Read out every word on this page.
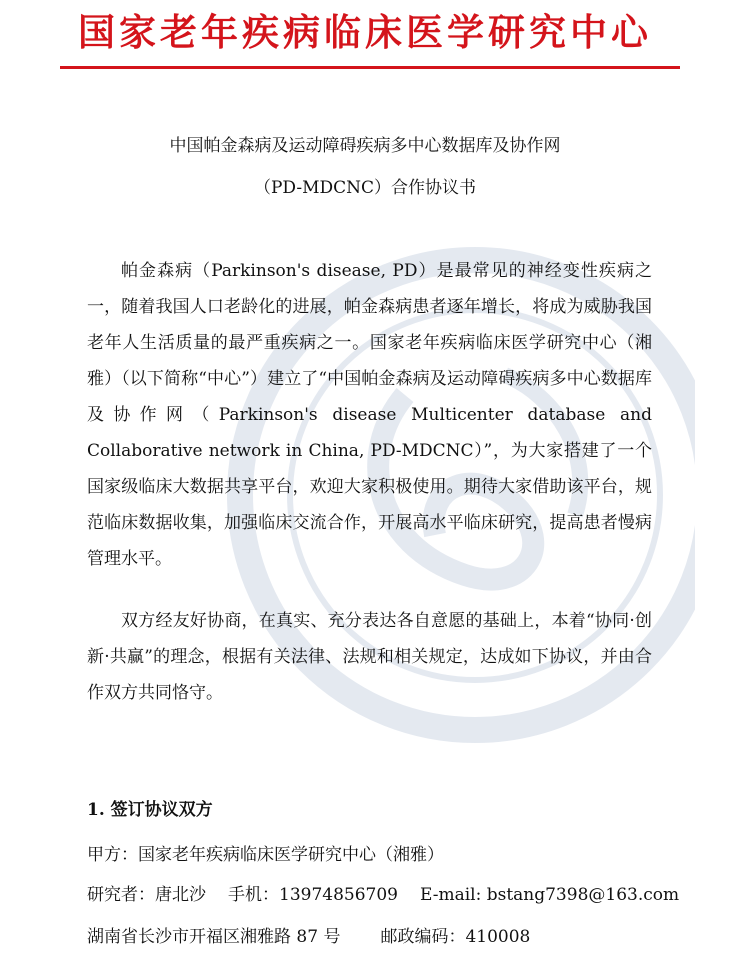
国家老年疾病临床医学研究中心
中国帕金森病及运动障碍疾病多中心数据库及协作网
（PD-MDCNC）合作协议书

帕金森病（Parkinson's disease, PD）是最常见的神经变性疾病之一，随着我国人口老龄化的进展，帕金森病患者逐年增长，将成为威胁我国老年人生活质量的最严重疾病之一。国家老年疾病临床医学研究中心（湘雅）（以下简称“中心”）建立了“中国帕金森病及运动障碍疾病多中心数据库及协作网（Parkinson's disease Multicenter database and Collaborative network in China, PD-MDCNC）”，为大家搭建了一个国家级临床大数据共享平台，欢迎大家积极使用。期待大家借助该平台，规范临床数据收集，加强临床交流合作，开展高水平临床研究，提高患者慢病管理水平。

双方经友好协商，在真实、充分表达各自意愿的基础上，本着“协同·创新·共赢”的理念，根据有关法律、法规和相关规定，达成如下协议，并由合作双方共同恪守。

1. 签订协议双方
甲方：国家老年疾病临床医学研究中心（湘雅）
研究者：唐北沙 手机：13974856709 E-mail: bstang7398@163.com
湖南省长沙市开福区湘雅路 87 号 邮政编码：410008
